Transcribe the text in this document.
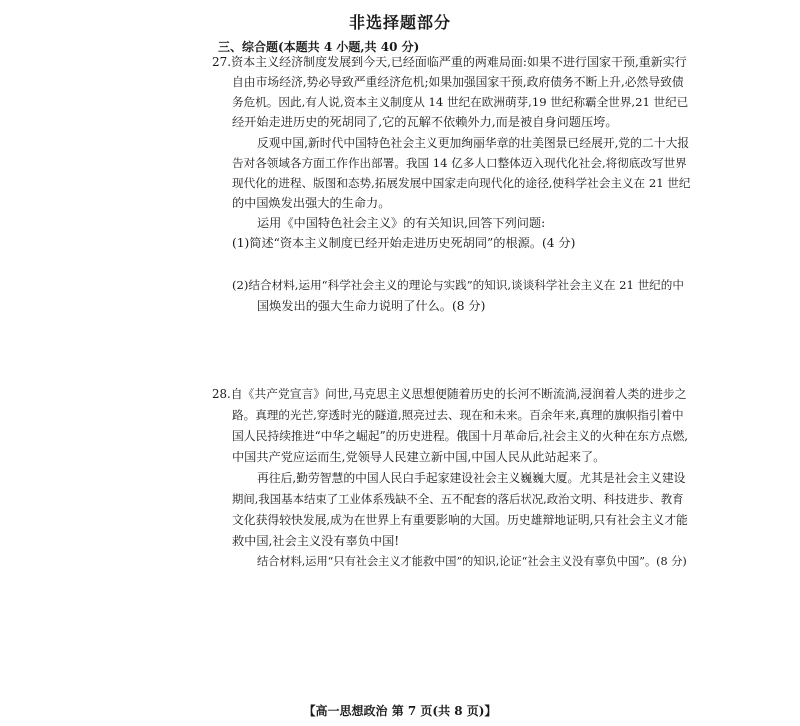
非选择题部分
三、综合题(本题共 4 小题,共 40 分)
27.资本主义经济制度发展到今天,已经面临严重的两难局面:如果不进行国家干预,重新实行
自由市场经济,势必导致严重经济危机;如果加强国家干预,政府债务不断上升,必然导致债
务危机。因此,有人说,资本主义制度从 14 世纪在欧洲萌芽,19 世纪称霸全世界,21 世纪已
经开始走进历史的死胡同了,它的瓦解不依赖外力,而是被自身问题压垮。
反观中国,新时代中国特色社会主义更加绚丽华章的壮美图景已经展开,党的二十大报
告对各领域各方面工作作出部署。我国 14 亿多人口整体迈入现代化社会,将彻底改写世界
现代化的进程、版图和态势,拓展发展中国家走向现代化的途径,使科学社会主义在 21 世纪
的中国焕发出强大的生命力。
运用《中国特色社会主义》的有关知识,回答下列问题:
(1)简述“资本主义制度已经开始走进历史死胡同”的根源。(4 分)
(2)结合材料,运用“科学社会主义的理论与实践”的知识,谈谈科学社会主义在 21 世纪的中
国焕发出的强大生命力说明了什么。(8 分)
28.自《共产党宣言》问世,马克思主义思想便随着历史的长河不断流淌,浸润着人类的进步之
路。真理的光芒,穿透时光的隧道,照亮过去、现在和未来。百余年来,真理的旗帜指引着中
国人民持续推进“中华之崛起”的历史进程。俄国十月革命后,社会主义的火种在东方点燃,
中国共产党应运而生,党领导人民建立新中国,中国人民从此站起来了。
再往后,勤劳智慧的中国人民白手起家建设社会主义巍巍大厦。尤其是社会主义建设
期间,我国基本结束了工业体系残缺不全、五不配套的落后状况,政治文明、科技进步、教育
文化获得较快发展,成为在世界上有重要影响的大国。历史雄辩地证明,只有社会主义才能
救中国,社会主义没有辜负中国!
结合材料,运用“只有社会主义才能救中国”的知识,论证“社会主义没有辜负中国”。(8 分)
【高一思想政治 第 7 页(共 8 页)】
